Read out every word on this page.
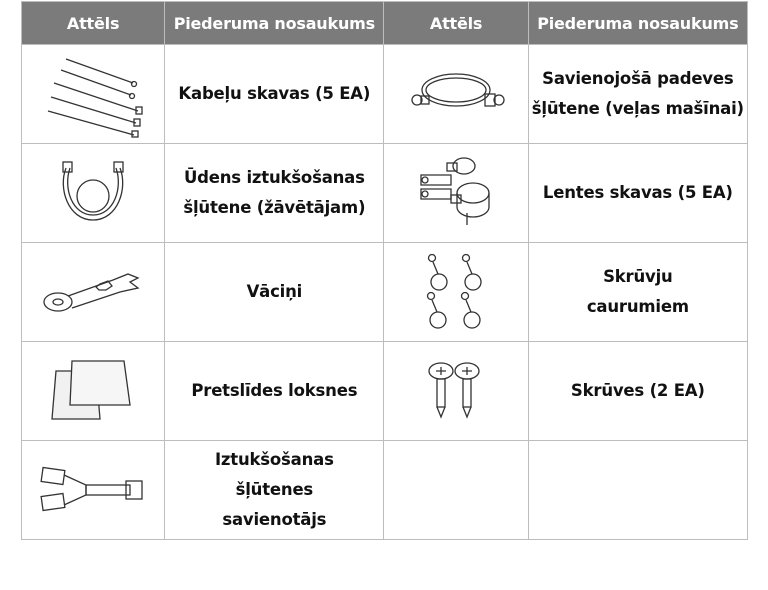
Attēls	Piederuma nosaukums	Attēls	Piederuma nosaukums

	Kabeļu skavas (5 EA)		Savienojošā padeves
šļūtene (veļas mašīnai)

	Ūdens iztukšošanas
šļūtene (žāvētājam)		Lentes skavas (5 EA)

	Vāciņi		Skrūvju
caurumiem

	Pretslīdes loksnes		Skrūves (2 EA)

	Iztukšošanas
šļūtenes
savienotājs		
